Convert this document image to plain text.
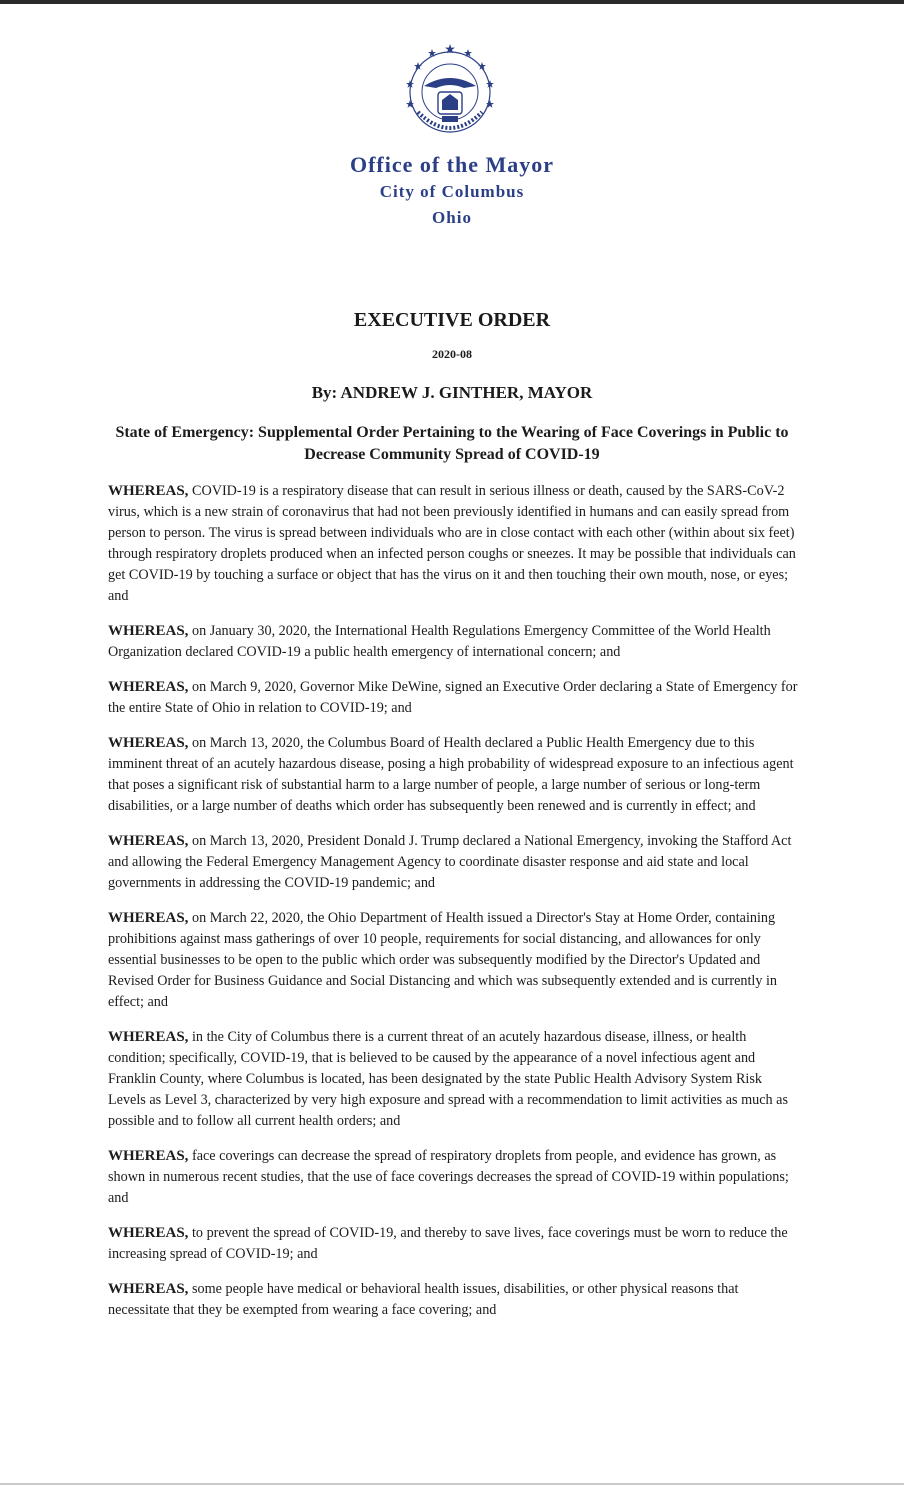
Office of the Mayor
City of Columbus
Ohio
EXECUTIVE ORDER
2020-08
By: ANDREW J. GINTHER, MAYOR
State of Emergency: Supplemental Order Pertaining to the Wearing of Face Coverings in Public to Decrease Community Spread of COVID-19

WHEREAS, COVID-19 is a respiratory disease that can result in serious illness or death, caused by the SARS-CoV-2 virus, which is a new strain of coronavirus that had not been previously identified in humans and can easily spread from person to person. The virus is spread between individuals who are in close contact with each other (within about six feet) through respiratory droplets produced when an infected person coughs or sneezes. It may be possible that individuals can get COVID-19 by touching a surface or object that has the virus on it and then touching their own mouth, nose, or eyes; and

WHEREAS, on January 30, 2020, the International Health Regulations Emergency Committee of the World Health Organization declared COVID-19 a public health emergency of international concern; and

WHEREAS, on March 9, 2020, Governor Mike DeWine, signed an Executive Order declaring a State of Emergency for the entire State of Ohio in relation to COVID-19; and

WHEREAS, on March 13, 2020, the Columbus Board of Health declared a Public Health Emergency due to this imminent threat of an acutely hazardous disease, posing a high probability of widespread exposure to an infectious agent that poses a significant risk of substantial harm to a large number of people, a large number of serious or long-term disabilities, or a large number of deaths which order has subsequently been renewed and is currently in effect; and

WHEREAS, on March 13, 2020, President Donald J. Trump declared a National Emergency, invoking the Stafford Act and allowing the Federal Emergency Management Agency to coordinate disaster response and aid state and local governments in addressing the COVID-19 pandemic; and

WHEREAS, on March 22, 2020, the Ohio Department of Health issued a Director's Stay at Home Order, containing prohibitions against mass gatherings of over 10 people, requirements for social distancing, and allowances for only essential businesses to be open to the public which order was subsequently modified by the Director's Updated and Revised Order for Business Guidance and Social Distancing and which was subsequently extended and is currently in effect; and

WHEREAS, in the City of Columbus there is a current threat of an acutely hazardous disease, illness, or health condition; specifically, COVID-19, that is believed to be caused by the appearance of a novel infectious agent and Franklin County, where Columbus is located, has been designated by the state Public Health Advisory System Risk Levels as Level 3, characterized by very high exposure and spread with a recommendation to limit activities as much as possible and to follow all current health orders; and

WHEREAS, face coverings can decrease the spread of respiratory droplets from people, and evidence has grown, as shown in numerous recent studies, that the use of face coverings decreases the spread of COVID-19 within populations; and

WHEREAS, to prevent the spread of COVID-19, and thereby to save lives, face coverings must be worn to reduce the increasing spread of COVID-19; and

WHEREAS, some people have medical or behavioral health issues, disabilities, or other physical reasons that necessitate that they be exempted from wearing a face covering; and
